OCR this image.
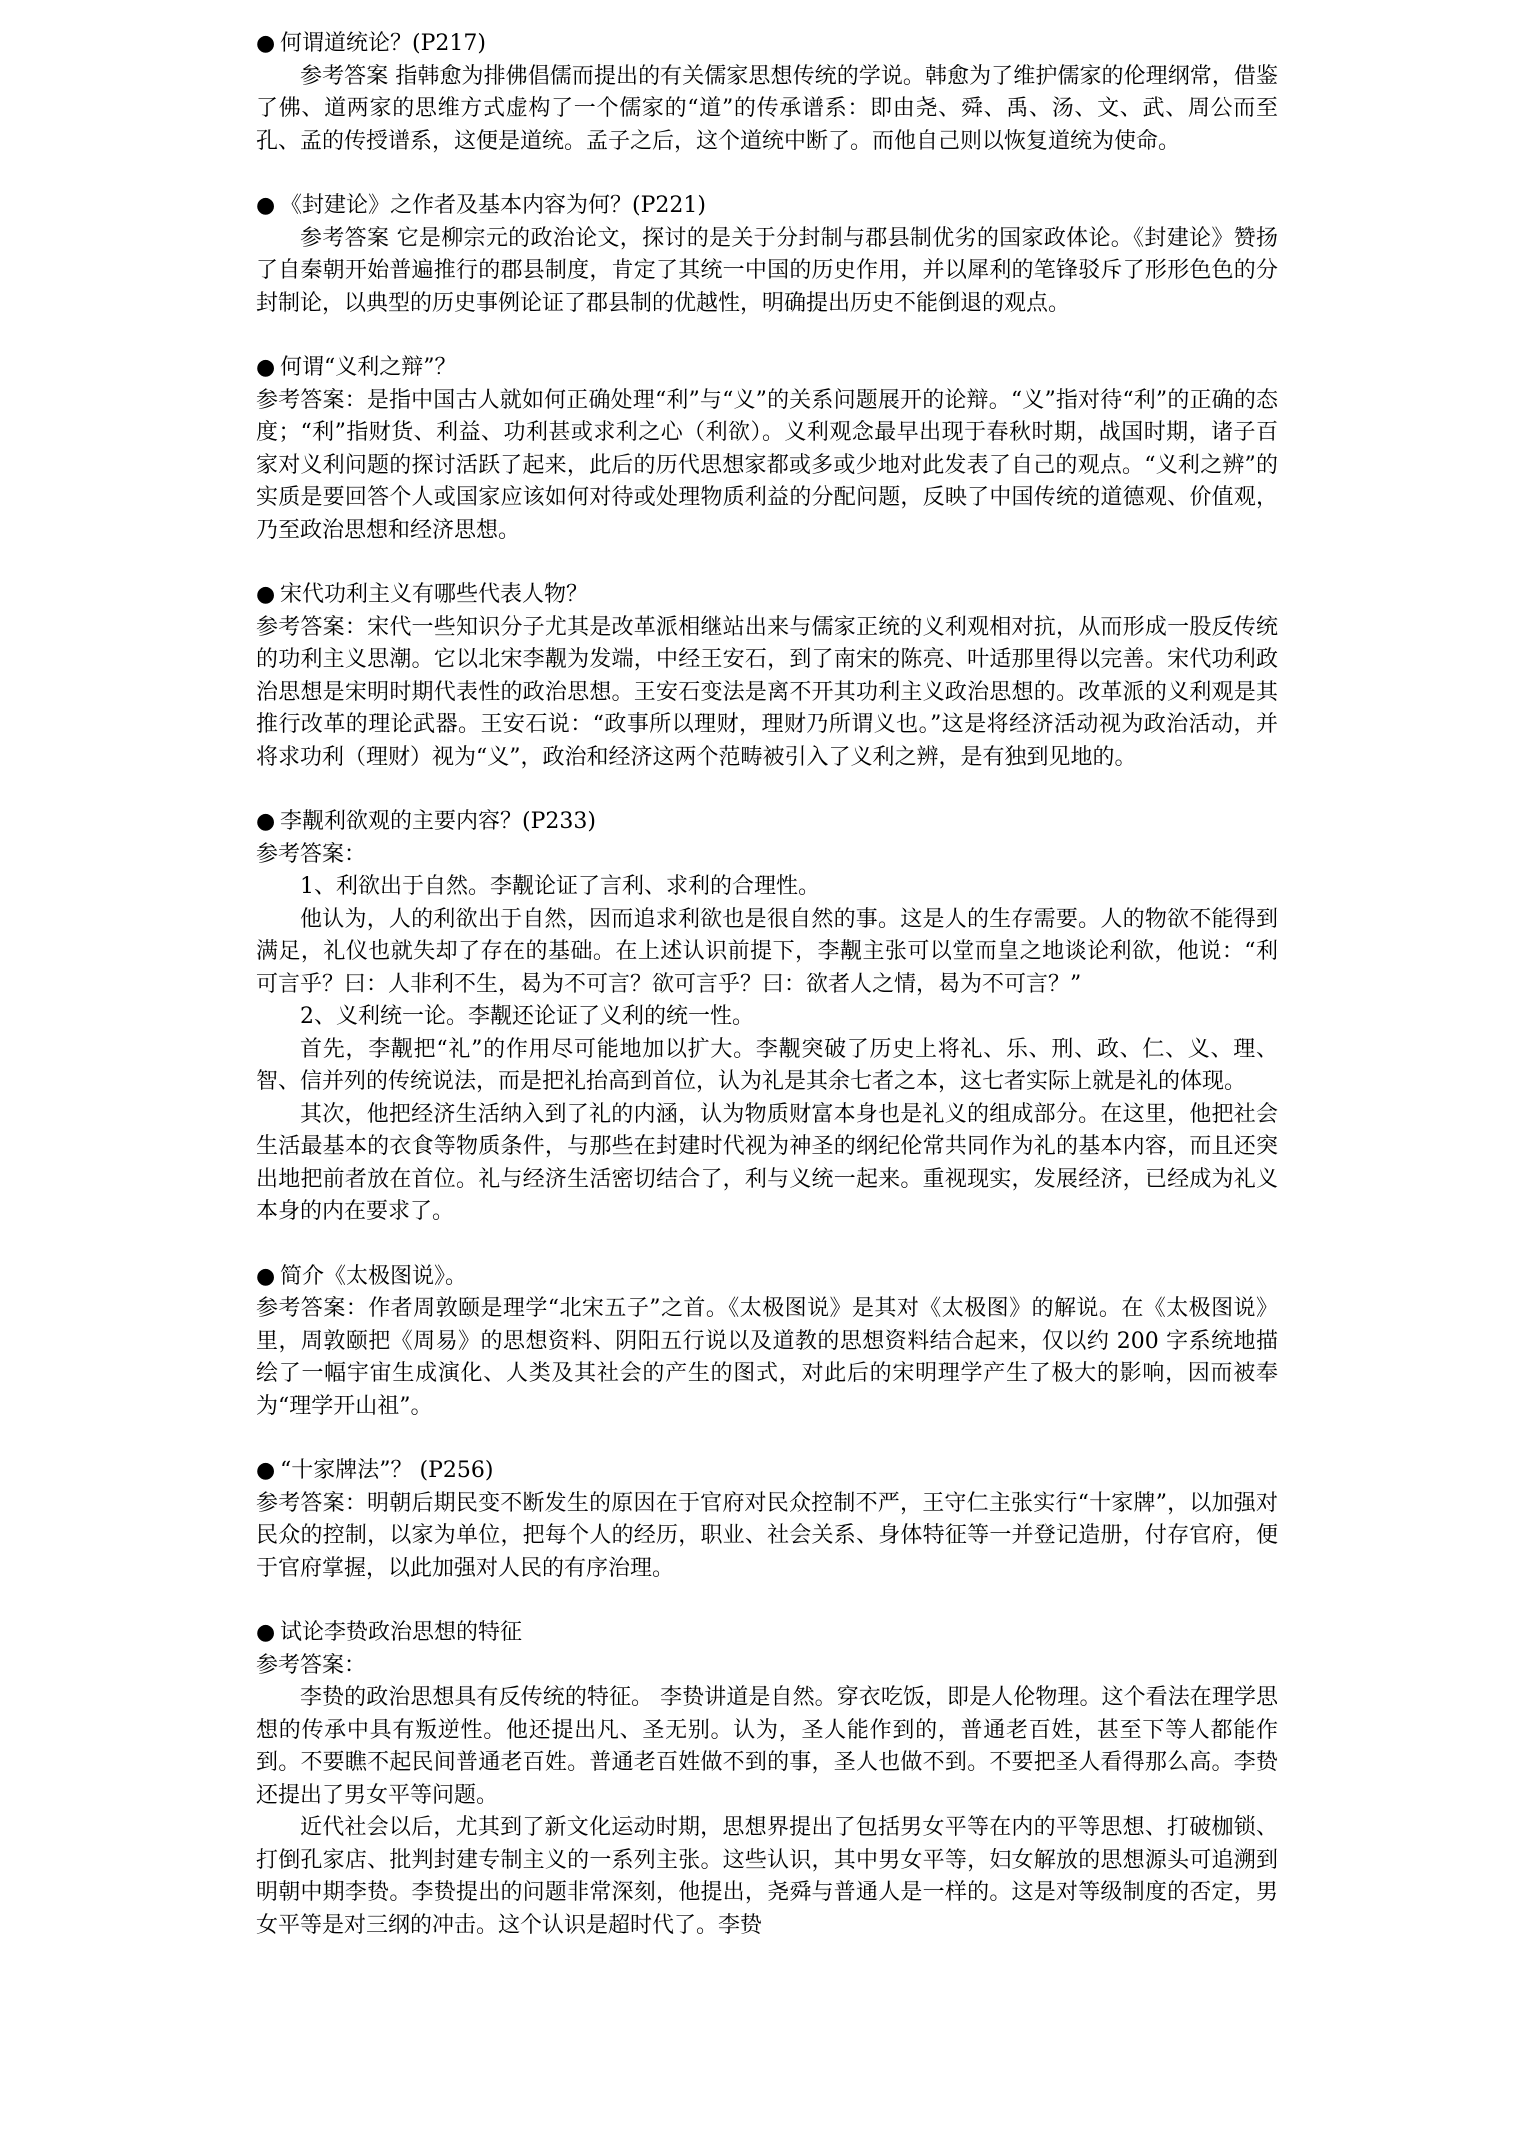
● 何谓道统论？(P217)

参考答案 指韩愈为排佛倡儒而提出的有关儒家思想传统的学说。韩愈为了维护儒家的伦理纲常，借鉴了佛、道两家的思维方式虚构了一个儒家的“道”的传承谱系：即由尧、舜、禹、汤、文、武、周公而至孔、孟的传授谱系，这便是道统。孟子之后，这个道统中断了。而他自己则以恢复道统为使命。

● 《封建论》之作者及基本内容为何？(P221)

参考答案 它是柳宗元的政治论文，探讨的是关于分封制与郡县制优劣的国家政体论。《封建论》赞扬了自秦朝开始普遍推行的郡县制度，肯定了其统一中国的历史作用，并以犀利的笔锋驳斥了形形色色的分封制论，以典型的历史事例论证了郡县制的优越性，明确提出历史不能倒退的观点。

● 何谓“义利之辩”？

参考答案：是指中国古人就如何正确处理“利”与“义”的关系问题展开的论辩。“义”指对待“利”的正确的态度；“利”指财货、利益、功利甚或求利之心（利欲）。义利观念最早出现于春秋时期，战国时期，诸子百家对义利问题的探讨活跃了起来，此后的历代思想家都或多或少地对此发表了自己的观点。“义利之辨”的实质是要回答个人或国家应该如何对待或处理物质利益的分配问题，反映了中国传统的道德观、价值观，乃至政治思想和经济思想。

● 宋代功利主义有哪些代表人物？

参考答案：宋代一些知识分子尤其是改革派相继站出来与儒家正统的义利观相对抗，从而形成一股反传统的功利主义思潮。它以北宋李觏为发端，中经王安石，到了南宋的陈亮、叶适那里得以完善。宋代功利政治思想是宋明时期代表性的政治思想。王安石变法是离不开其功利主义政治思想的。改革派的义利观是其推行改革的理论武器。王安石说：“政事所以理财，理财乃所谓义也。”这是将经济活动视为政治活动，并将求功利（理财）视为“义”，政治和经济这两个范畴被引入了义利之辨，是有独到见地的。

● 李觏利欲观的主要内容？(P233)

参考答案：

1、利欲出于自然。李觏论证了言利、求利的合理性。

他认为，人的利欲出于自然，因而追求利欲也是很自然的事。这是人的生存需要。人的物欲不能得到满足，礼仪也就失却了存在的基础。在上述认识前提下，李觏主张可以堂而皇之地谈论利欲，他说：“利可言乎？曰：人非利不生，曷为不可言？欲可言乎？曰：欲者人之情，曷为不可言？”

2、义利统一论。李觏还论证了义利的统一性。

首先，李觏把“礼”的作用尽可能地加以扩大。李觏突破了历史上将礼、乐、刑、政、仁、义、理、智、信并列的传统说法，而是把礼抬高到首位，认为礼是其余七者之本，这七者实际上就是礼的体现。

其次，他把经济生活纳入到了礼的内涵，认为物质财富本身也是礼义的组成部分。在这里，他把社会生活最基本的衣食等物质条件，与那些在封建时代视为神圣的纲纪伦常共同作为礼的基本内容，而且还突出地把前者放在首位。礼与经济生活密切结合了，利与义统一起来。重视现实，发展经济，已经成为礼义本身的内在要求了。

● 简介《太极图说》。

参考答案：作者周敦颐是理学“北宋五子”之首。《太极图说》是其对《太极图》的解说。在《太极图说》里，周敦颐把《周易》的思想资料、阴阳五行说以及道教的思想资料结合起来，仅以约 200 字系统地描绘了一幅宇宙生成演化、人类及其社会的产生的图式，对此后的宋明理学产生了极大的影响，因而被奉为“理学开山祖”。

● “十家牌法”？ (P256)

参考答案：明朝后期民变不断发生的原因在于官府对民众控制不严，王守仁主张实行“十家牌”，以加强对民众的控制，以家为单位，把每个人的经历，职业、社会关系、身体特征等一并登记造册，付存官府，便于官府掌握，以此加强对人民的有序治理。

● 试论李贽政治思想的特征

参考答案：

李贽的政治思想具有反传统的特征。 李贽讲道是自然。穿衣吃饭，即是人伦物理。这个看法在理学思想的传承中具有叛逆性。他还提出凡、圣无别。认为，圣人能作到的，普通老百姓，甚至下等人都能作到。不要瞧不起民间普通老百姓。普通老百姓做不到的事，圣人也做不到。不要把圣人看得那么高。李贽还提出了男女平等问题。

近代社会以后，尤其到了新文化运动时期，思想界提出了包括男女平等在内的平等思想、打破枷锁、打倒孔家店、批判封建专制主义的一系列主张。这些认识，其中男女平等，妇女解放的思想源头可追溯到明朝中期李贽。李贽提出的问题非常深刻，他提出，尧舜与普通人是一样的。这是对等级制度的否定，男女平等是对三纲的冲击。这个认识是超时代了。李贽
